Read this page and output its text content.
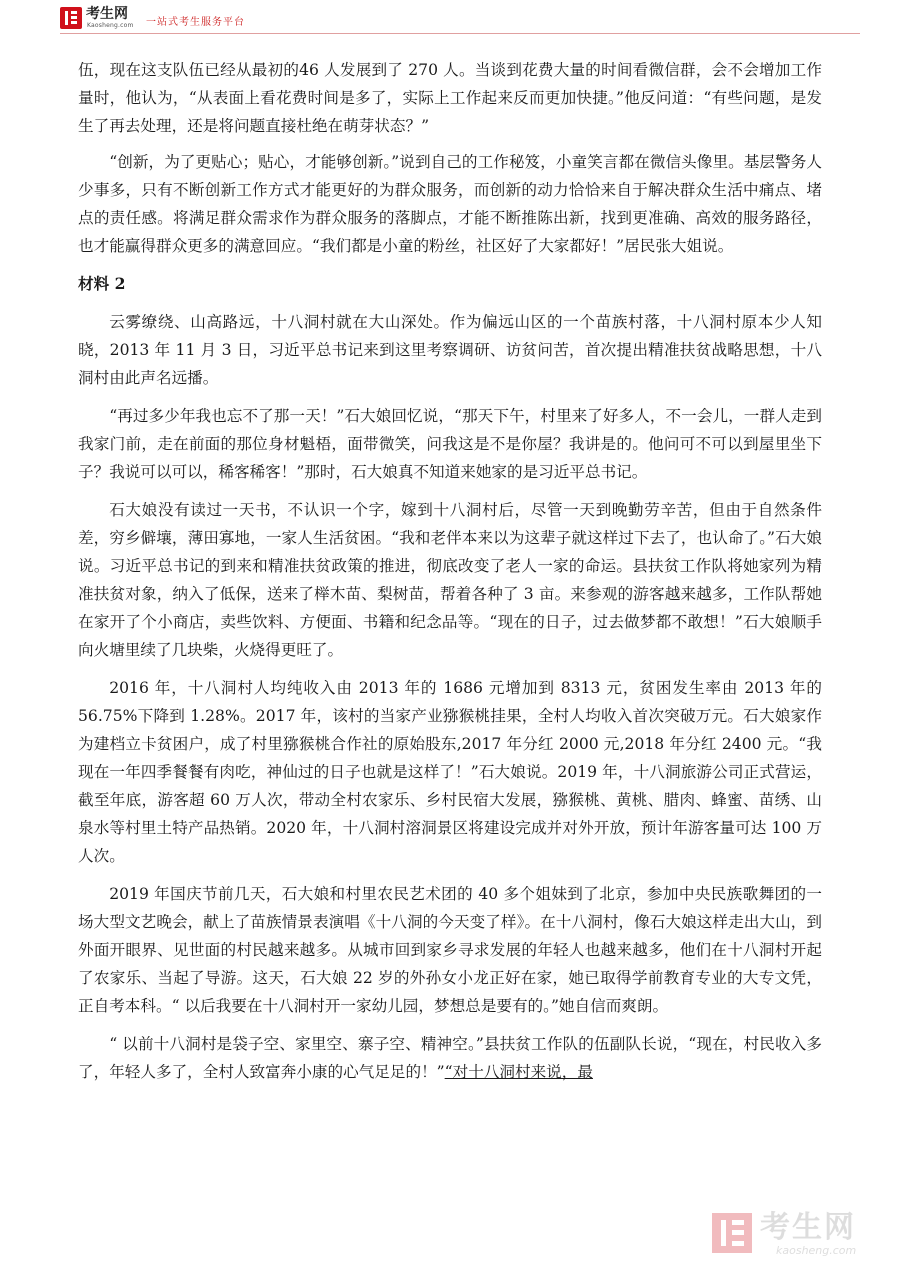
考生网
Kaosheng.com 一站式考生服务平台

伍，现在这支队伍已经从最初的46 人发展到了 270 人。当谈到花费大量的时间看微信群，会不会增加工作量时，他认为，“从表面上看花费时间是多了，实际上工作起来反而更加快捷。”他反问道：“有些问题，是发生了再去处理，还是将问题直接杜绝在萌芽状态？”

“创新，为了更贴心；贴心，才能够创新。”说到自己的工作秘笈，小童笑言都在微信头像里。基层警务人少事多，只有不断创新工作方式才能更好的为群众服务，而创新的动力恰恰来自于解决群众生活中痛点、堵点的责任感。将满足群众需求作为群众服务的落脚点，才能不断推陈出新，找到更准确、高效的服务路径，也才能赢得群众更多的满意回应。“我们都是小童的粉丝，社区好了大家都好！”居民张大姐说。

材料 2

云雾缭绕、山高路远，十八洞村就在大山深处。作为偏远山区的一个苗族村落，十八洞村原本少人知晓，2013 年 11 月 3 日，习近平总书记来到这里考察调研、访贫问苦，首次提出精准扶贫战略思想，十八洞村由此声名远播。

“再过多少年我也忘不了那一天！”石大娘回忆说，“那天下午，村里来了好多人，不一会儿，一群人走到我家门前，走在前面的那位身材魁梧，面带微笑，问我这是不是你屋？我讲是的。他问可不可以到屋里坐下子？我说可以可以，稀客稀客！”那时，石大娘真不知道来她家的是习近平总书记。

石大娘没有读过一天书，不认识一个字，嫁到十八洞村后，尽管一天到晚勤劳辛苦，但由于自然条件差，穷乡僻壤，薄田寡地，一家人生活贫困。“我和老伴本来以为这辈子就这样过下去了，也认命了。”石大娘说。习近平总书记的到来和精准扶贫政策的推进，彻底改变了老人一家的命运。县扶贫工作队将她家列为精准扶贫对象，纳入了低保，送来了榉木苗、梨树苗，帮着各种了 3 亩。来参观的游客越来越多，工作队帮她在家开了个小商店，卖些饮料、方便面、书籍和纪念品等。“现在的日子，过去做梦都不敢想！”石大娘顺手向火塘里续了几块柴，火烧得更旺了。

2016 年，十八洞村人均纯收入由 2013 年的 1686 元增加到 8313 元，贫困发生率由 2013 年的 56.75%下降到 1.28%。2017 年，该村的当家产业猕猴桃挂果，全村人均收入首次突破万元。石大娘家作为建档立卡贫困户，成了村里猕猴桃合作社的原始股东,2017 年分红 2000 元,2018 年分红 2400 元。“我现在一年四季餐餐有肉吃，神仙过的日子也就是这样了！”石大娘说。2019 年，十八洞旅游公司正式营运，截至年底，游客超 60 万人次，带动全村农家乐、乡村民宿大发展，猕猴桃、黄桃、腊肉、蜂蜜、苗绣、山泉水等村里土特产品热销。2020 年，十八洞村溶洞景区将建设完成并对外开放，预计年游客量可达 100 万人次。

2019 年国庆节前几天，石大娘和村里农民艺术团的 40 多个姐妹到了北京，参加中央民族歌舞团的一场大型文艺晚会，献上了苗族情景表演唱《十八洞的今天变了样》。在十八洞村，像石大娘这样走出大山，到外面开眼界、见世面的村民越来越多。从城市回到家乡寻求发展的年轻人也越来越多，他们在十八洞村开起了农家乐、当起了导游。这天，石大娘 22 岁的外孙女小龙正好在家，她已取得学前教育专业的大专文凭，正自考本科。“ 以后我要在十八洞村开一家幼儿园，梦想总是要有的。”她自信而爽朗。

“ 以前十八洞村是袋子空、家里空、寨子空、精神空。”县扶贫工作队的伍副队长说，“现在，村民收入多了，年轻人多了，全村人致富奔小康的心气足足的！”“对十八洞村来说，最

考生网
kaosheng.com
